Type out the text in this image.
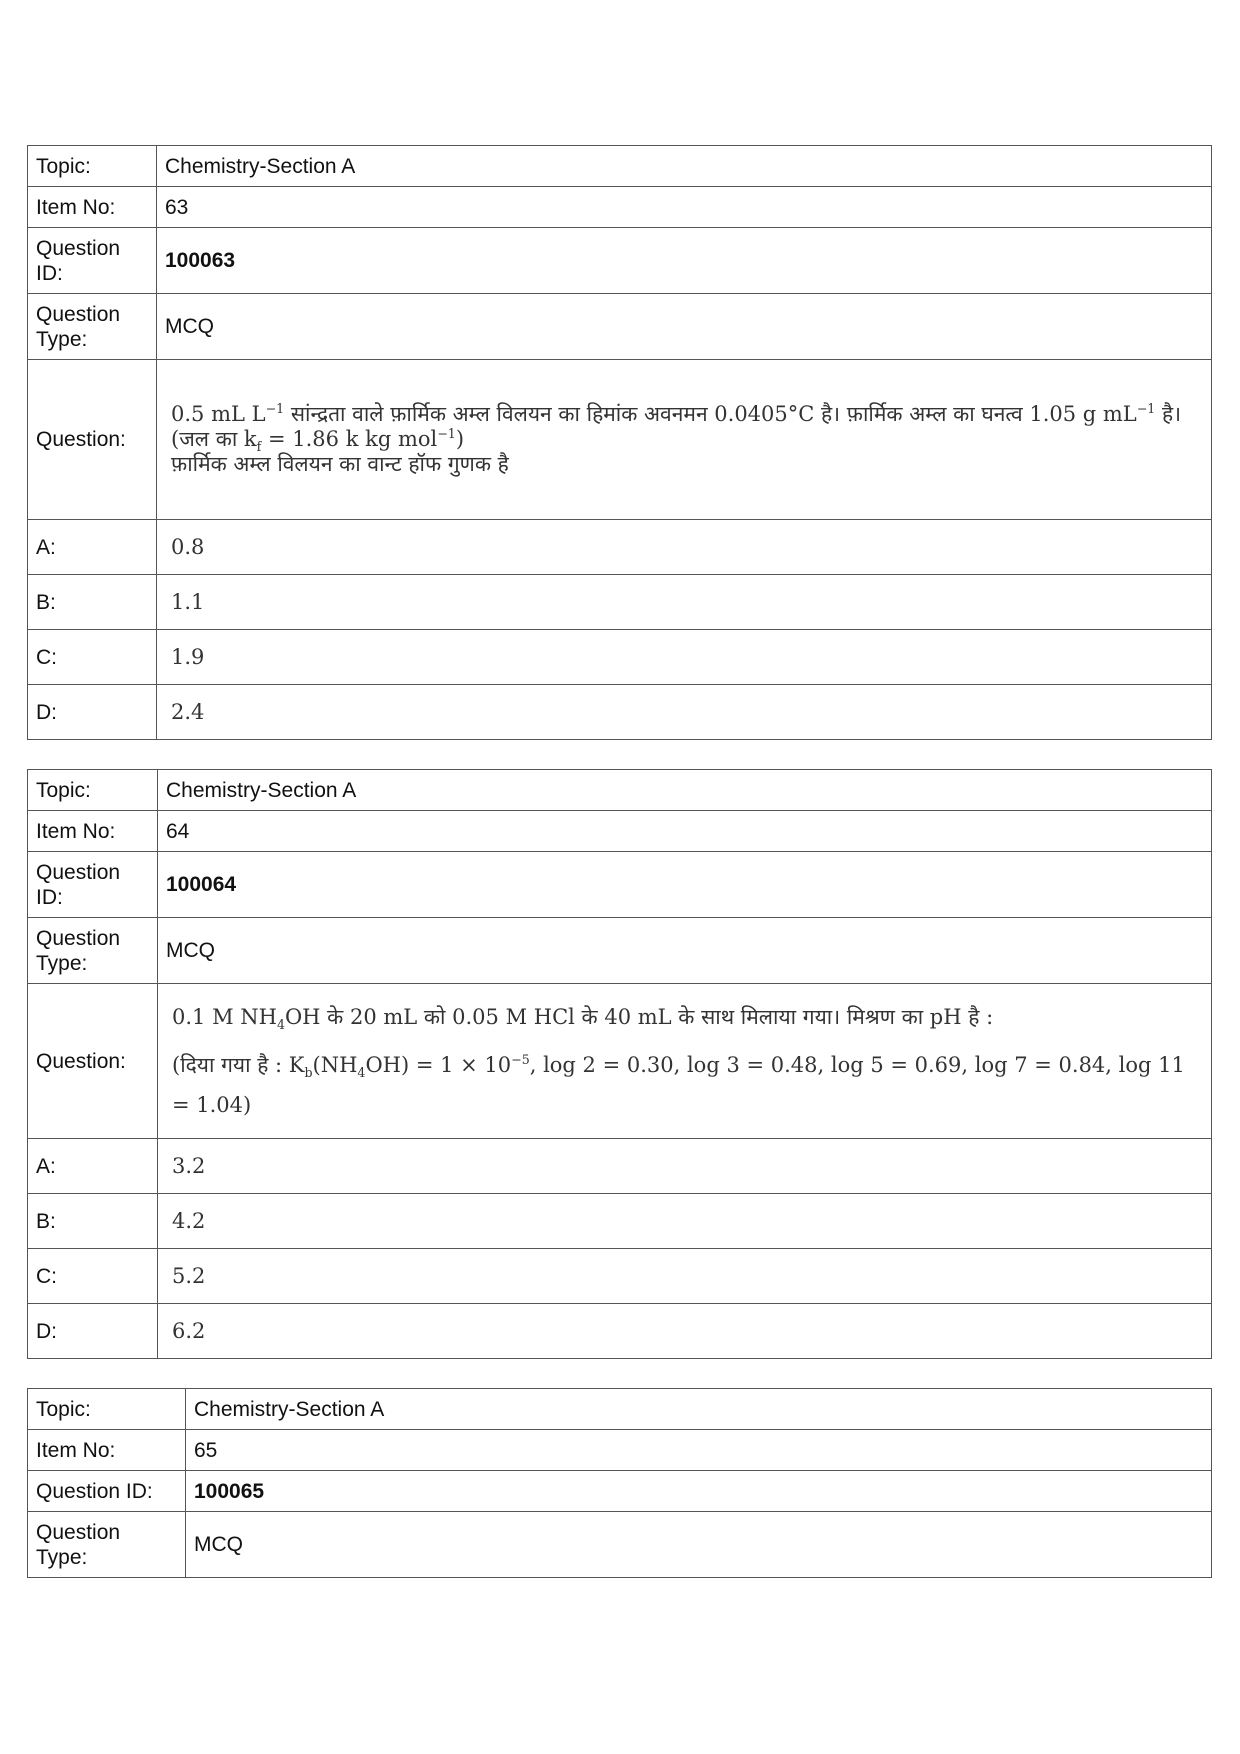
Topic:	Chemistry-Section A
Item No:	63
Question
ID:	100063
Question
Type:	MCQ
Question:	0.5 mL $L^{-1}$ सांन्द्रता वाले फ़ार्मिक अम्ल विलयन का हिमांक अवनमन 0.0405°C है। फ़ार्मिक अम्ल का घनत्व 1.05 g $mL^{-1}$ है। (जल का $k_f = 1.86$ k kg mol$^{-1}$)
फ़ार्मिक अम्ल विलयन का वान्ट हॉफ गुणक है

A:	0.8
B:	1.1
C:	1.9
D:	2.4
Topic:	Chemistry-Section A
Item No:	64
Question
ID:	100064
Question
Type:	MCQ
Question:	0.1 M $NH_4OH$ के 20 mL को 0.05 M HCl के 40 mL के साथ मिलाया गया। मिश्रण का pH है :
(दिया गया है : $K_b(NH_4OH) = 1 \times 10^{-5}$, log 2 = 0.30, log 3 = 0.48, log 5 = 0.69, log 7 = 0.84, log 11 = 1.04)

A:	3.2
B:	4.2
C:	5.2
D:	6.2
Topic:	Chemistry-Section A
Item No:	65
Question ID:	100065
Question
Type:	MCQ
